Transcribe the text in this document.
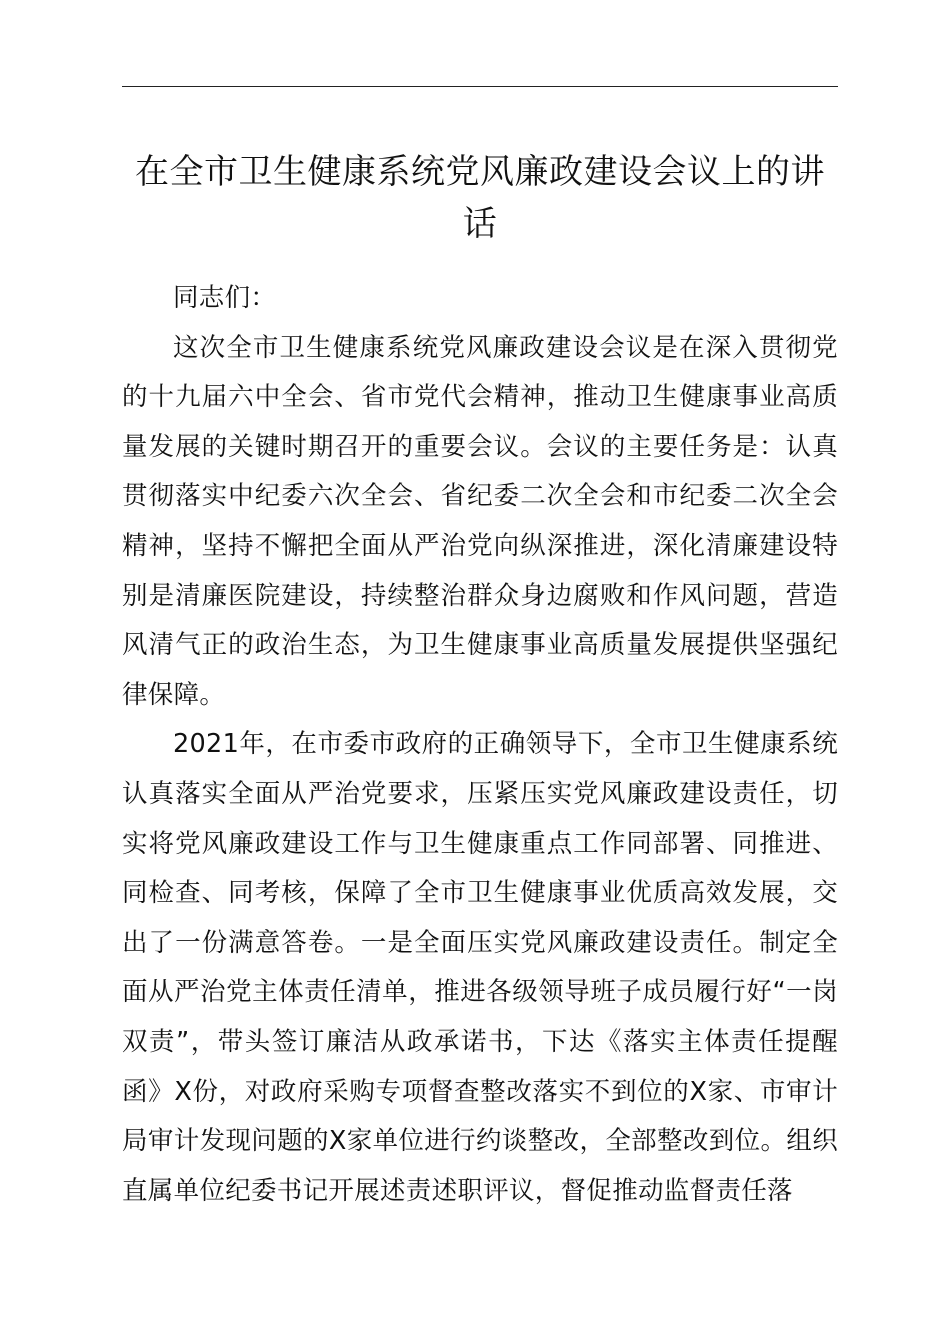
在全市卫生健康系统党风廉政建设会议上的讲话

同志们：

这次全市卫生健康系统党风廉政建设会议是在深入贯彻党的十九届六中全会、省市党代会精神，推动卫生健康事业高质量发展的关键时期召开的重要会议。会议的主要任务是：认真贯彻落实中纪委六次全会、省纪委二次全会和市纪委二次全会精神，坚持不懈把全面从严治党向纵深推进，深化清廉建设特别是清廉医院建设，持续整治群众身边腐败和作风问题，营造风清气正的政治生态，为卫生健康事业高质量发展提供坚强纪律保障。

2021年，在市委市政府的正确领导下，全市卫生健康系统认真落实全面从严治党要求，压紧压实党风廉政建设责任，切实将党风廉政建设工作与卫生健康重点工作同部署、同推进、同检查、同考核，保障了全市卫生健康事业优质高效发展，交出了一份满意答卷。一是全面压实党风廉政建设责任。制定全面从严治党主体责任清单，推进各级领导班子成员履行好“一岗双责”，带头签订廉洁从政承诺书，下达《落实主体责任提醒函》X份，对政府采购专项督查整改落实不到位的X家、市审计局审计发现问题的X家单位进行约谈整改，全部整改到位。组织直属单位纪委书记开展述责述职评议，督促推动监督责任落
